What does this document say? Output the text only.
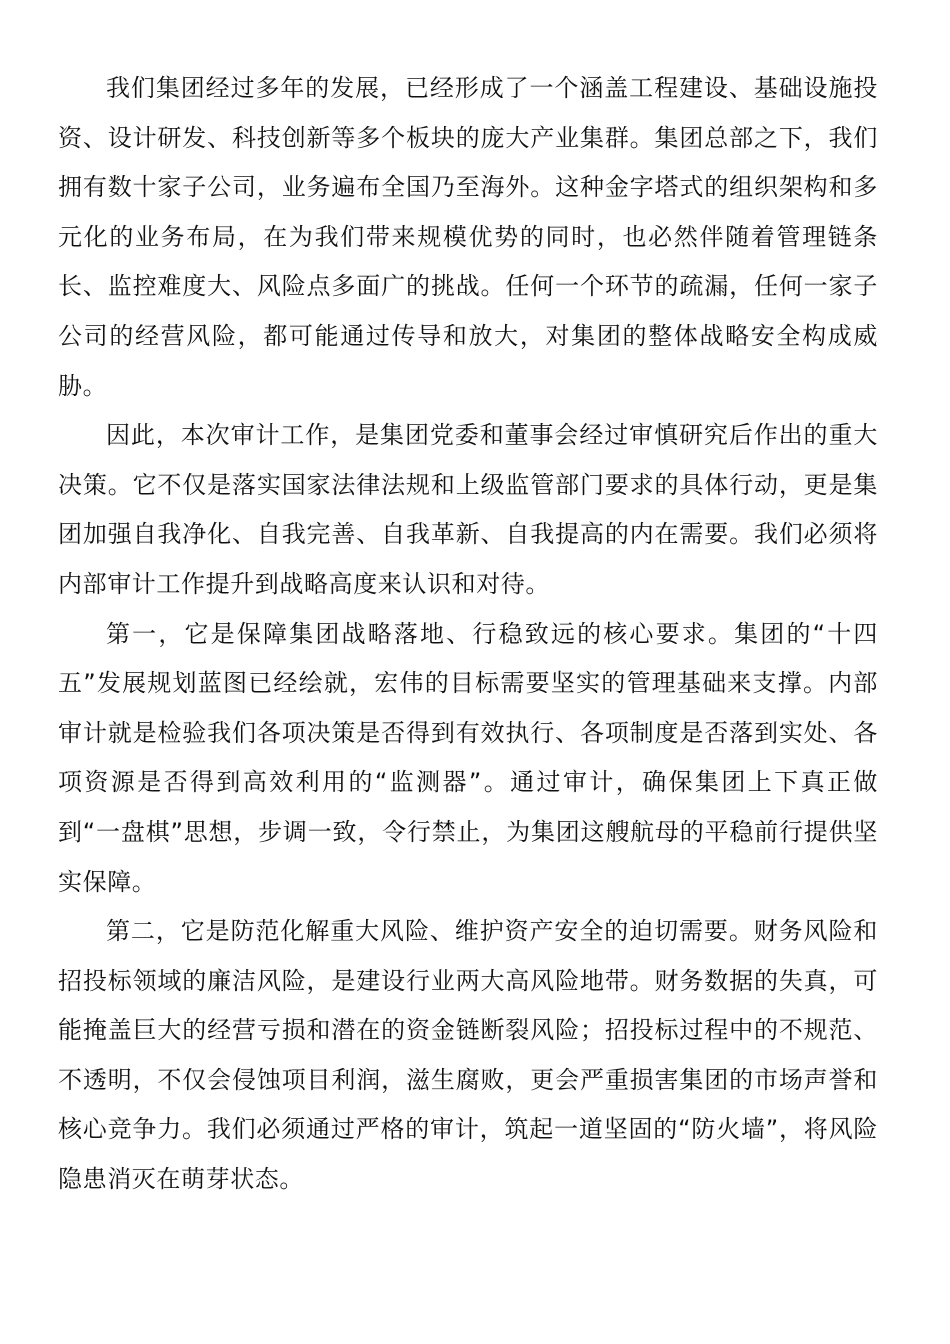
我们集团经过多年的发展，已经形成了一个涵盖工程建设、基础设施投资、设计研发、科技创新等多个板块的庞大产业集群。集团总部之下，我们拥有数十家子公司，业务遍布全国乃至海外。这种金字塔式的组织架构和多元化的业务布局，在为我们带来规模优势的同时，也必然伴随着管理链条长、监控难度大、风险点多面广的挑战。任何一个环节的疏漏，任何一家子公司的经营风险，都可能通过传导和放大，对集团的整体战略安全构成威胁。

因此，本次审计工作，是集团党委和董事会经过审慎研究后作出的重大决策。它不仅是落实国家法律法规和上级监管部门要求的具体行动，更是集团加强自我净化、自我完善、自我革新、自我提高的内在需要。我们必须将内部审计工作提升到战略高度来认识和对待。

第一，它是保障集团战略落地、行稳致远的核心要求。集团的“十四五”发展规划蓝图已经绘就，宏伟的目标需要坚实的管理基础来支撑。内部审计就是检验我们各项决策是否得到有效执行、各项制度是否落到实处、各项资源是否得到高效利用的“监测器”。通过审计，确保集团上下真正做到“一盘棋”思想，步调一致，令行禁止，为集团这艘航母的平稳前行提供坚实保障。

第二，它是防范化解重大风险、维护资产安全的迫切需要。财务风险和招投标领域的廉洁风险，是建设行业两大高风险地带。财务数据的失真，可能掩盖巨大的经营亏损和潜在的资金链断裂风险；招投标过程中的不规范、不透明，不仅会侵蚀项目利润，滋生腐败，更会严重损害集团的市场声誉和核心竞争力。我们必须通过严格的审计，筑起一道坚固的“防火墙”，将风险隐患消灭在萌芽状态。
